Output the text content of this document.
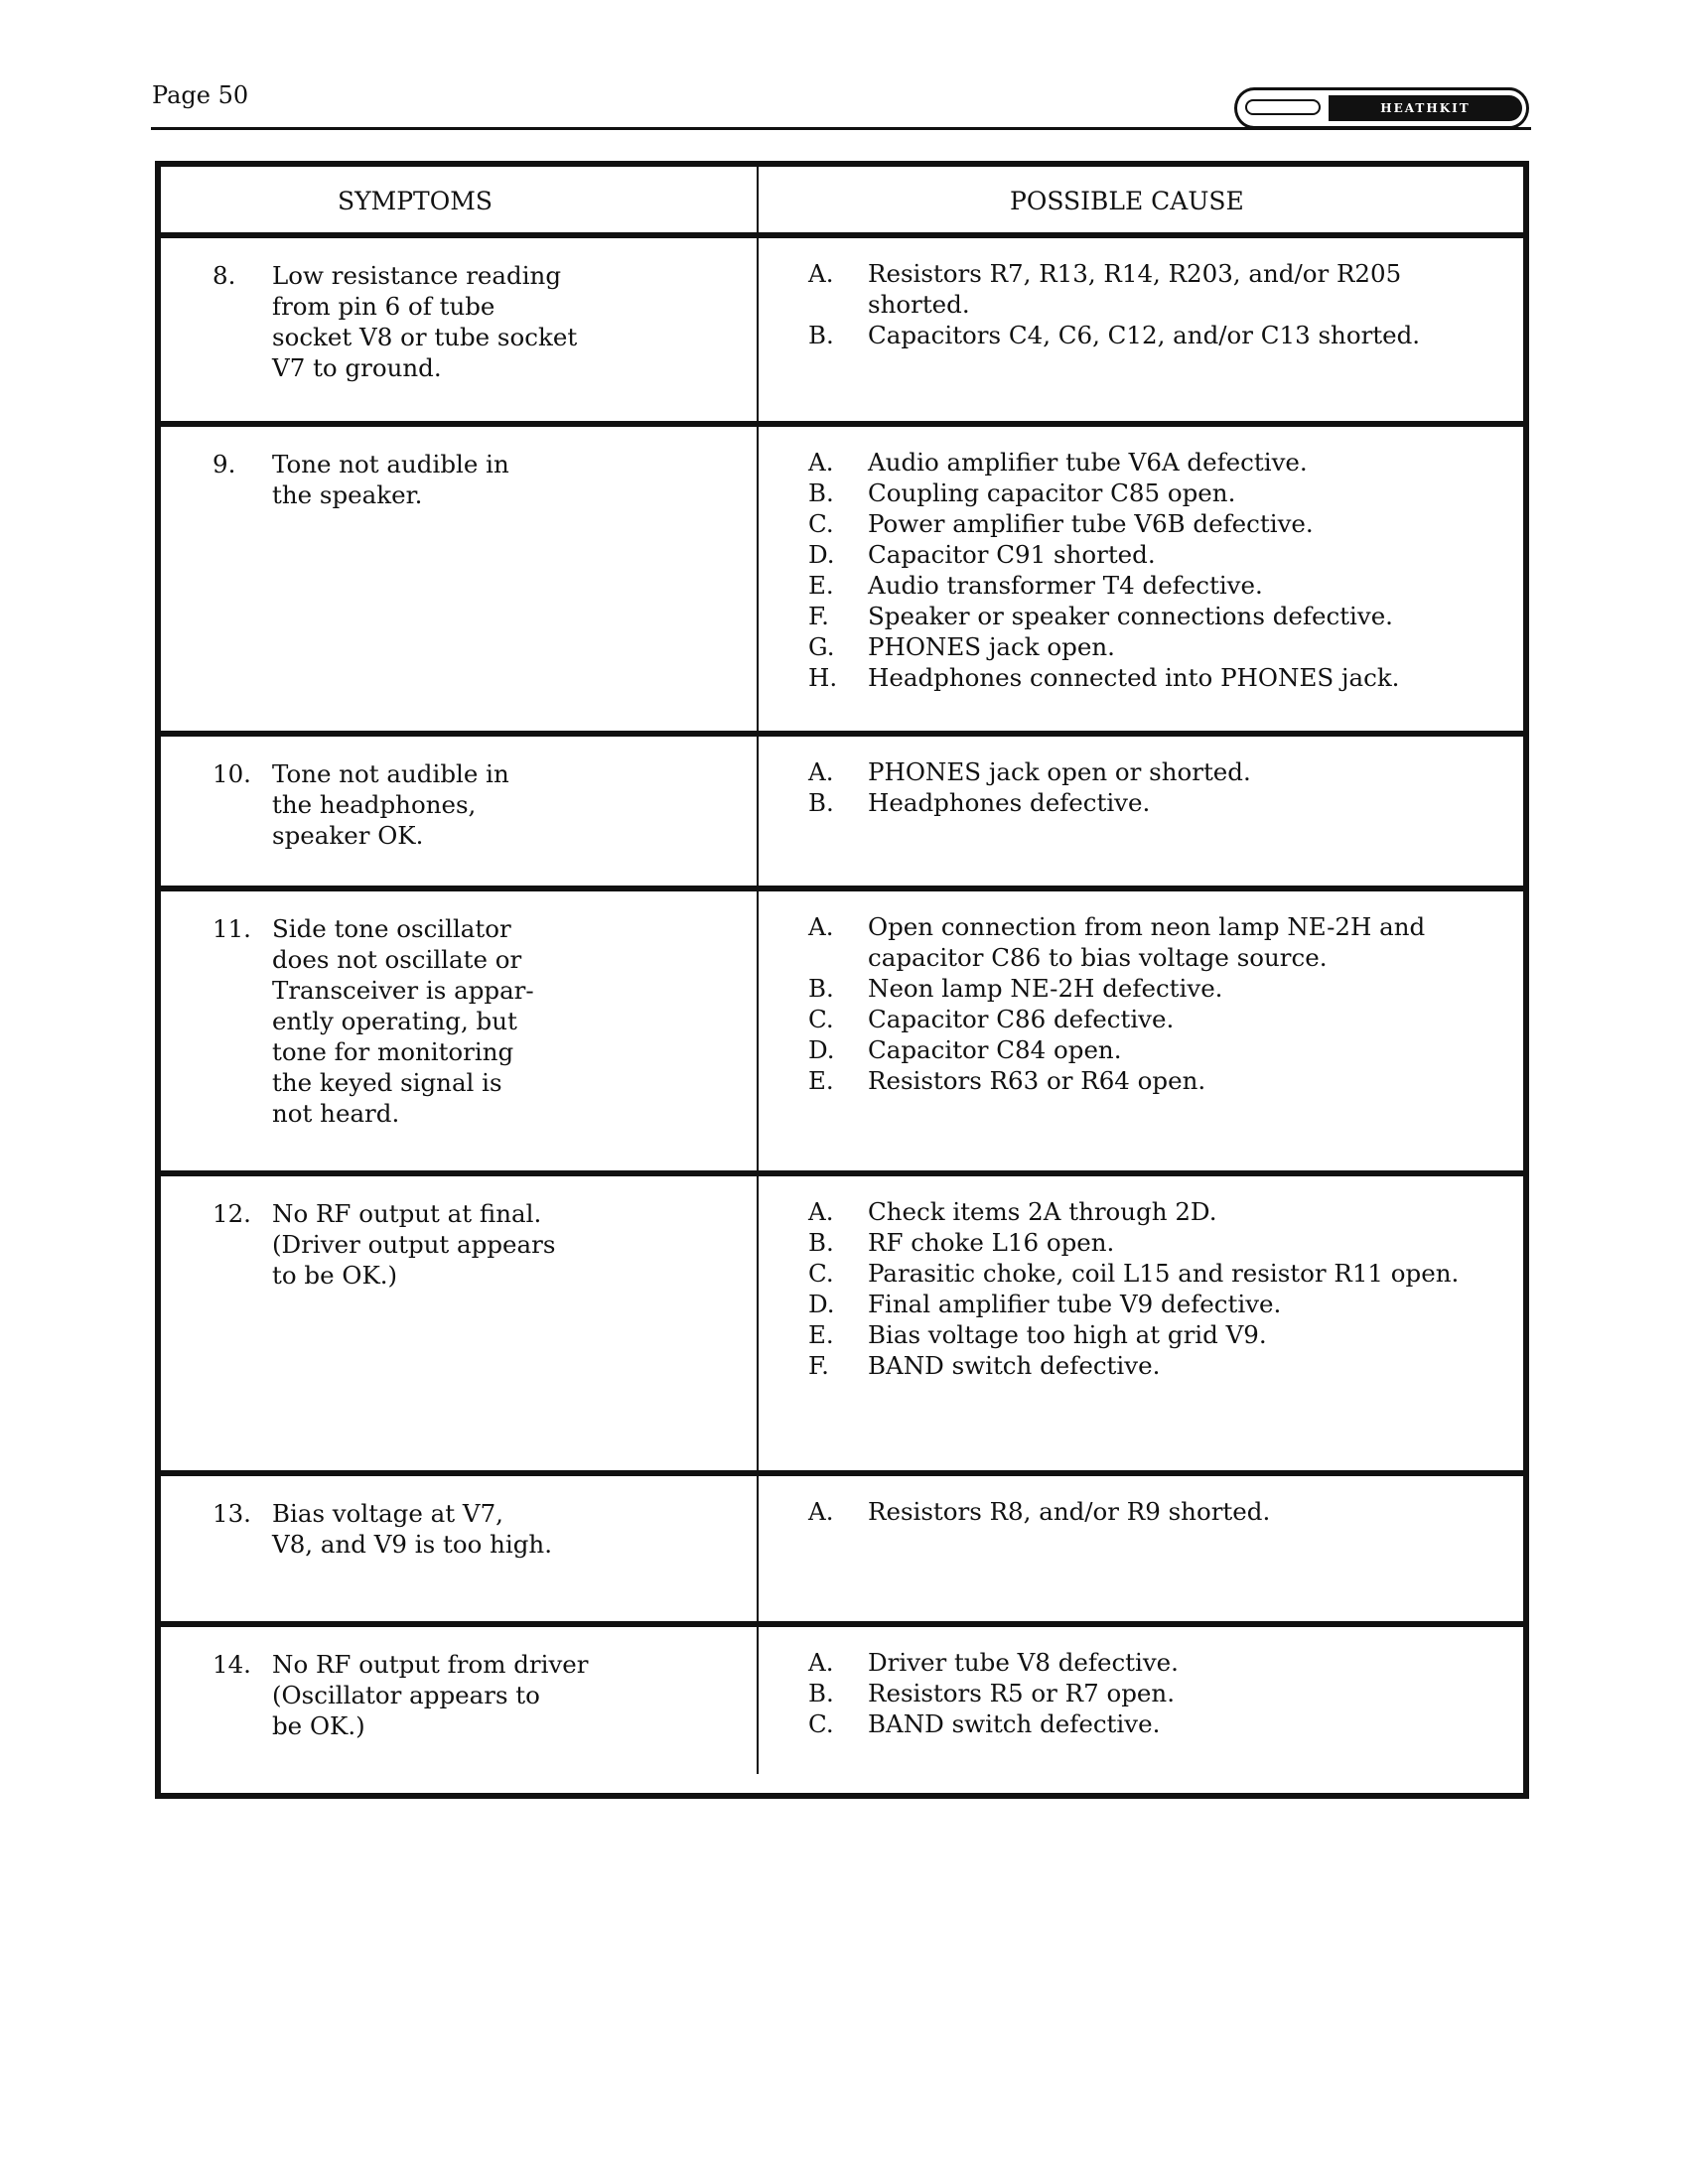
Page 50	HEATHKIT
SYMPTOMS	POSSIBLE CAUSE
8. Low resistance reading
from pin 6 of tube
socket V8 or tube socket
V7 to ground.
A. Resistors R7, R13, R14, R203, and/or R205 shorted.
B. Capacitors C4, C6, C12, and/or C13 shorted.
9. Tone not audible in
the speaker.
A. Audio amplifier tube V6A defective.
B. Coupling capacitor C85 open.
C. Power amplifier tube V6B defective.
D. Capacitor C91 shorted.
E. Audio transformer T4 defective.
F. Speaker or speaker connections defective.
G. PHONES jack open.
H. Headphones connected into PHONES jack.
10. Tone not audible in
the headphones,
speaker OK.
A. PHONES jack open or shorted.
B. Headphones defective.
11. Side tone oscillator
does not oscillate or
Transceiver is appar-
ently operating, but
tone for monitoring
the keyed signal is
not heard.
A. Open connection from neon lamp NE-2H and capacitor C86 to bias voltage source.
B. Neon lamp NE-2H defective.
C. Capacitor C86 defective.
D. Capacitor C84 open.
E. Resistors R63 or R64 open.
12. No RF output at final.
(Driver output appears
to be OK.)
A. Check items 2A through 2D.
B. RF choke L16 open.
C. Parasitic choke, coil L15 and resistor R11 open.
D. Final amplifier tube V9 defective.
E. Bias voltage too high at grid V9.
F. BAND switch defective.
13. Bias voltage at V7,
V8, and V9 is too high.
A. Resistors R8, and/or R9 shorted.
14. No RF output from driver
(Oscillator appears to
be OK.)
A. Driver tube V8 defective.
B. Resistors R5 or R7 open.
C. BAND switch defective.
